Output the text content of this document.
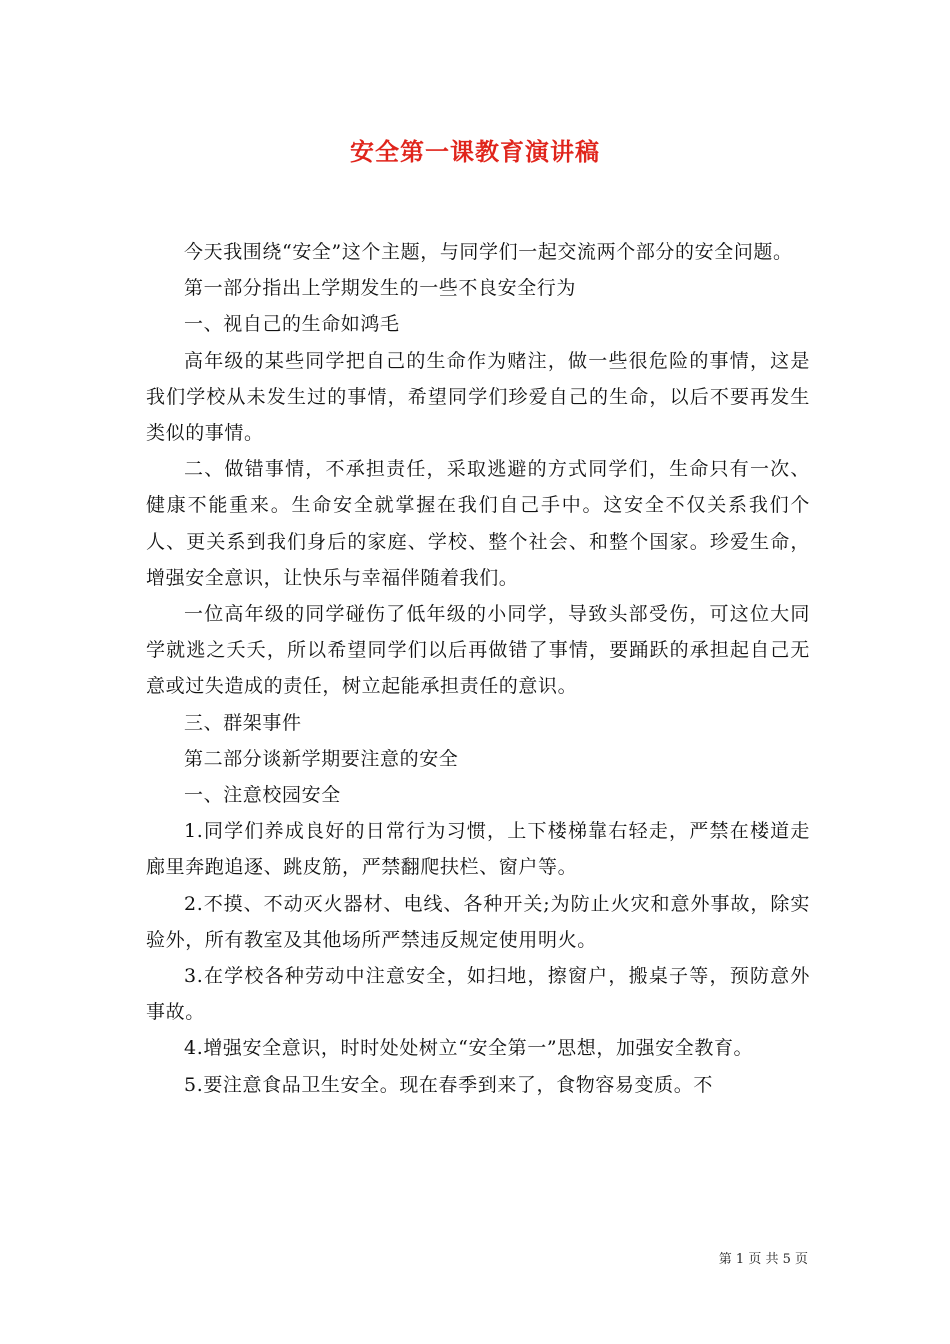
安全第一课教育演讲稿

今天我围绕“安全”这个主题，与同学们一起交流两个部分的安全问题。

第一部分指出上学期发生的一些不良安全行为

一、视自己的生命如鸿毛

高年级的某些同学把自己的生命作为赌注，做一些很危险的事情，这是我们学校从未发生过的事情，希望同学们珍爱自己的生命，以后不要再发生类似的事情。

二、做错事情，不承担责任，采取逃避的方式同学们，生命只有一次、健康不能重来。生命安全就掌握在我们自己手中。这安全不仅关系我们个人、更关系到我们身后的家庭、学校、整个社会、和整个国家。珍爱生命，增强安全意识，让快乐与幸福伴随着我们。

一位高年级的同学碰伤了低年级的小同学，导致头部受伤，可这位大同学就逃之夭夭，所以希望同学们以后再做错了事情，要踊跃的承担起自己无意或过失造成的责任，树立起能承担责任的意识。

三、群架事件

第二部分谈新学期要注意的安全

一、注意校园安全

1.同学们养成良好的日常行为习惯，上下楼梯靠右轻走，严禁在楼道走廊里奔跑追逐、跳皮筋，严禁翻爬扶栏、窗户等。

2.不摸、不动灭火器材、电线、各种开关;为防止火灾和意外事故，除实验外，所有教室及其他场所严禁违反规定使用明火。

3.在学校各种劳动中注意安全，如扫地，擦窗户，搬桌子等，预防意外事故。

4.增强安全意识，时时处处树立“安全第一”思想，加强安全教育。

5.要注意食品卫生安全。现在春季到来了，食物容易变质。不

第 1 页 共 5 页
